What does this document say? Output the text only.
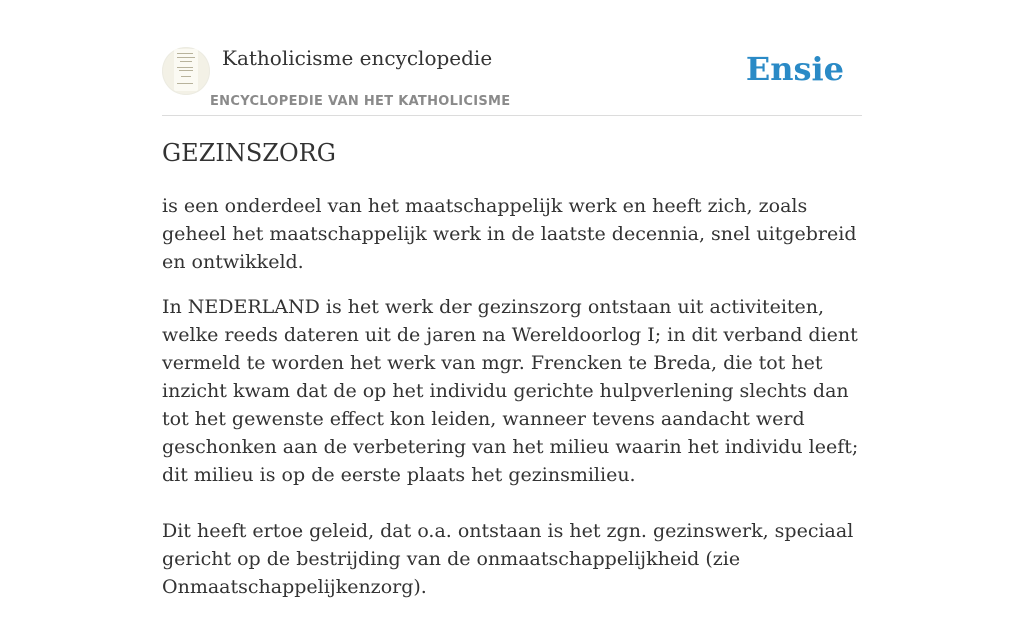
Katholicisme encyclopedie
ENCYCLOPEDIE VAN HET KATHOLICISME
Ensie
GEZINSZORG

is een onderdeel van het maatschappelijk werk en heeft zich, zoals geheel het maatschappelijk werk in de laatste decennia, snel uitgebreid en ontwikkeld.

In NEDERLAND is het werk der gezinszorg ontstaan uit activiteiten, welke reeds dateren uit de jaren na Wereldoorlog I; in dit verband dient vermeld te worden het werk van mgr. Frencken te Breda, die tot het inzicht kwam dat de op het individu gerichte hulpverlening slechts dan tot het gewenste effect kon leiden, wanneer tevens aandacht werd geschonken aan de verbetering van het milieu waarin het individu leeft; dit milieu is op de eerste plaats het gezinsmilieu.

Dit heeft ertoe geleid, dat o.a. ontstaan is het zgn. gezinswerk, speciaal gericht op de bestrijding van de onmaatschappelijkheid (zie Onmaatschappelijkenzorg).
